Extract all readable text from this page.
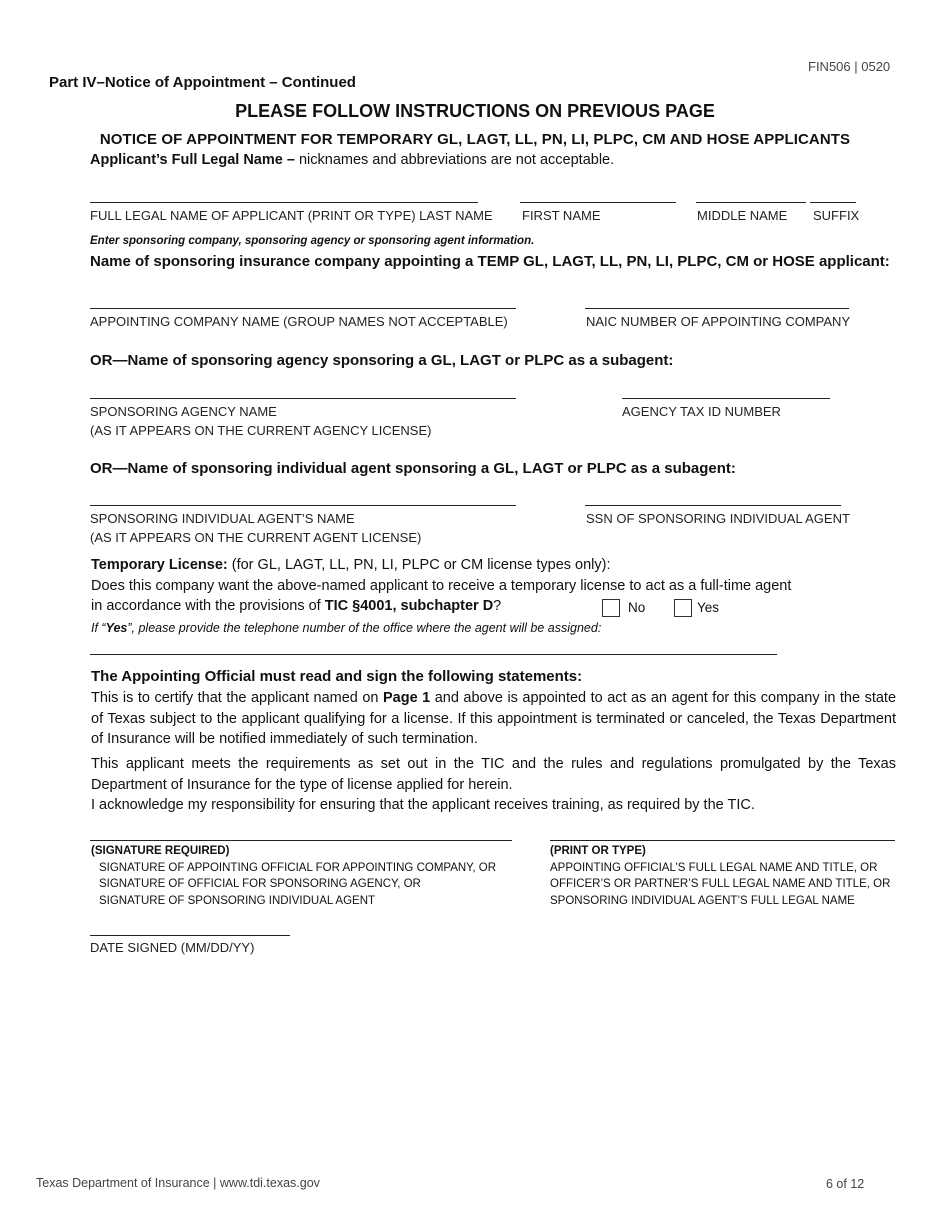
FIN506 | 0520
Part IV–Notice of Appointment – Continued
PLEASE FOLLOW INSTRUCTIONS ON PREVIOUS PAGE
NOTICE OF APPOINTMENT FOR TEMPORARY GL, LAGT, LL, PN, LI, PLPC, CM AND HOSE APPLICANTS
Applicant’s Full Legal Name – nicknames and abbreviations are not acceptable.
FULL LEGAL NAME OF APPLICANT (PRINT OR TYPE) LAST NAME FIRST NAME	MIDDLE NAME SUFFIX
Enter sponsoring company, sponsoring agency or sponsoring agent information.
Name of sponsoring insurance company appointing a TEMP GL, LAGT, LL, PN, LI, PLPC, CM or HOSE applicant:
APPOINTING COMPANY NAME (GROUP NAMES NOT ACCEPTABLE)	NAIC NUMBER OF APPOINTING COMPANY
OR—Name of sponsoring agency sponsoring a GL, LAGT or PLPC as a subagent:
SPONSORING AGENCY NAME
(AS IT APPEARS ON THE CURRENT AGENCY LICENSE)
AGENCY TAX ID NUMBER
OR—Name of sponsoring individual agent sponsoring a GL, LAGT or PLPC as a subagent:
SPONSORING INDIVIDUAL AGENT’S NAME
(AS IT APPEARS ON THE CURRENT AGENT LICENSE)
SSN OF SPONSORING INDIVIDUAL AGENT
Temporary License: (for GL, LAGT, LL, PN, LI, PLPC or CM license types only):
Does this company want the above-named applicant to receive a temporary license to act as a full-time agent
in accordance with the provisions of TIC §4001, subchapter D?	No	Yes
If “Yes”, please provide the telephone number of the office where the agent will be assigned:
The Appointing Official must read and sign the following statements:
This is to certify that the applicant named on Page 1 and above is appointed to act as an agent for this company in the state of Texas subject to the applicant qualifying for a license. If this appointment is terminated or canceled, the Texas Department of Insurance will be notified immediately of such termination.
This applicant meets the requirements as set out in the TIC and the rules and regulations promulgated by the Texas Department of Insurance for the type of license applied for herein.
I acknowledge my responsibility for ensuring that the applicant receives training, as required by the TIC.
(SIGNATURE REQUIRED)
SIGNATURE OF APPOINTING OFFICIAL FOR APPOINTING COMPANY, OR
SIGNATURE OF OFFICIAL FOR SPONSORING AGENCY, OR
SIGNATURE OF SPONSORING INDIVIDUAL AGENT
(PRINT OR TYPE)
APPOINTING OFFICIAL’S FULL LEGAL NAME AND TITLE, OR
OFFICER’S OR PARTNER’S FULL LEGAL NAME AND TITLE, OR
SPONSORING INDIVIDUAL AGENT’S FULL LEGAL NAME
DATE SIGNED (MM/DD/YY)
Texas Department of Insurance | www.tdi.texas.gov	6 of 12
